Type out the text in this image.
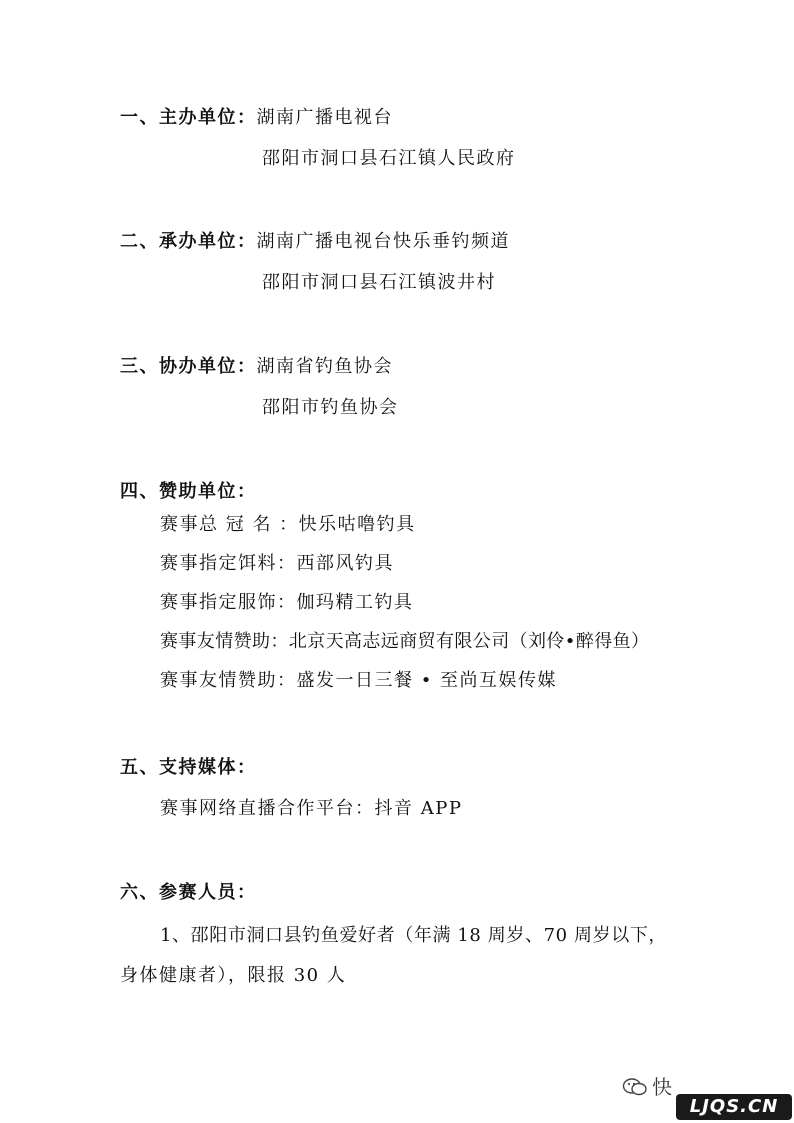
一、主办单位：湖南广播电视台
邵阳市洞口县石江镇人民政府
二、承办单位：湖南广播电视台快乐垂钓频道
邵阳市洞口县石江镇波井村
三、协办单位：湖南省钓鱼协会
邵阳市钓鱼协会
四、赞助单位：
赛事总 冠 名 ：快乐咕噜钓具
赛事指定饵料：西部风钓具
赛事指定服饰：伽玛精工钓具
赛事友情赞助：北京天高志远商贸有限公司（刘伶•醉得鱼）
赛事友情赞助：盛发一日三餐 • 至尚互娱传媒
五、支持媒体：
赛事网络直播合作平台：抖音 APP
六、参赛人员：
1、邵阳市洞口县钓鱼爱好者（年满 18 周岁、70 周岁以下，
身体健康者），限报 30 人
快
LJQS.CN
